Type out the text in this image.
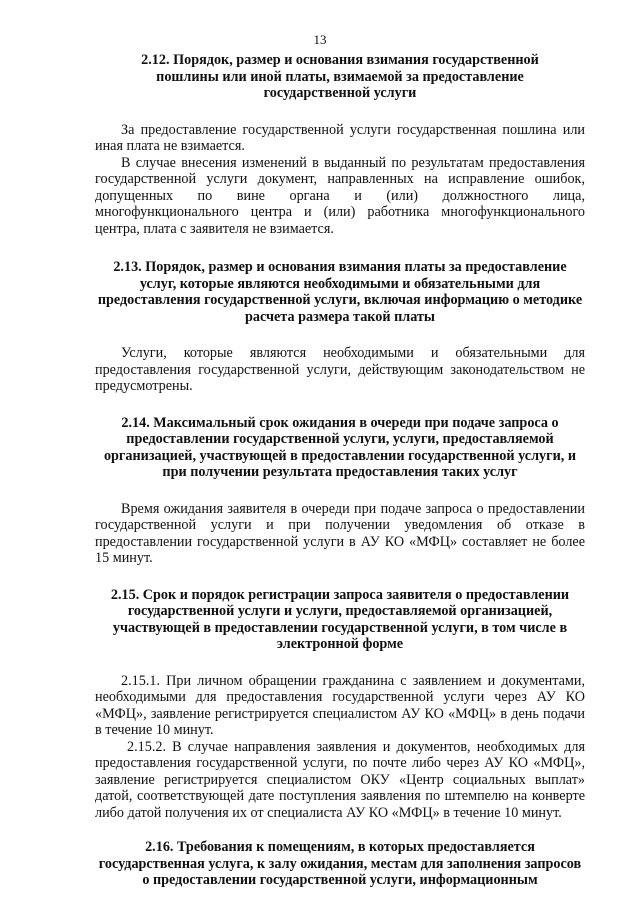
13

2.12. Порядок, размер и основания взимания государственной пошлины или иной платы, взимаемой за предоставление государственной услуги

За предоставление государственной услуги государственная пошлина или иная плата не взимается.

В случае внесения изменений в выданный по результатам предоставления государственной услуги документ, направленных на исправление ошибок, допущенных по вине органа и (или) должностного лица, многофункционального центра и (или) работника многофункционального центра, плата с заявителя не взимается.

2.13. Порядок, размер и основания взимания платы за предоставление услуг, которые являются необходимыми и обязательными для предоставления государственной услуги, включая информацию о методике расчета размера такой платы

Услуги, которые являются необходимыми и обязательными для предоставления государственной услуги, действующим законодательством не предусмотрены.

2.14. Максимальный срок ожидания в очереди при подаче запроса о предоставлении государственной услуги, услуги, предоставляемой организацией, участвующей в предоставлении государственной услуги, и при получении результата предоставления таких услуг

Время ожидания заявителя в очереди при подаче запроса о предоставлении государственной услуги и при получении уведомления об отказе в предоставлении государственной услуги в АУ КО «МФЦ» составляет не более 15 минут.

2.15. Срок и порядок регистрации запроса заявителя о предоставлении государственной услуги и услуги, предоставляемой организацией, участвующей в предоставлении государственной услуги, в том числе в электронной форме

2.15.1. При личном обращении гражданина с заявлением и документами, необходимыми для предоставления государственной услуги через АУ КО «МФЦ», заявление регистрируется специалистом АУ КО «МФЦ» в день подачи в течение 10 минут.

2.15.2. В случае направления заявления и документов, необходимых для предоставления государственной услуги, по почте либо через АУ КО «МФЦ», заявление регистрируется специалистом ОКУ «Центр социальных выплат» датой, соответствующей дате поступления заявления по штемпелю на конверте либо датой получения их от специалиста АУ КО «МФЦ» в течение 10 минут.

2.16. Требования к помещениям, в которых предоставляется государственная услуга, к залу ожидания, местам для заполнения запросов о предоставлении государственной услуги, информационным
